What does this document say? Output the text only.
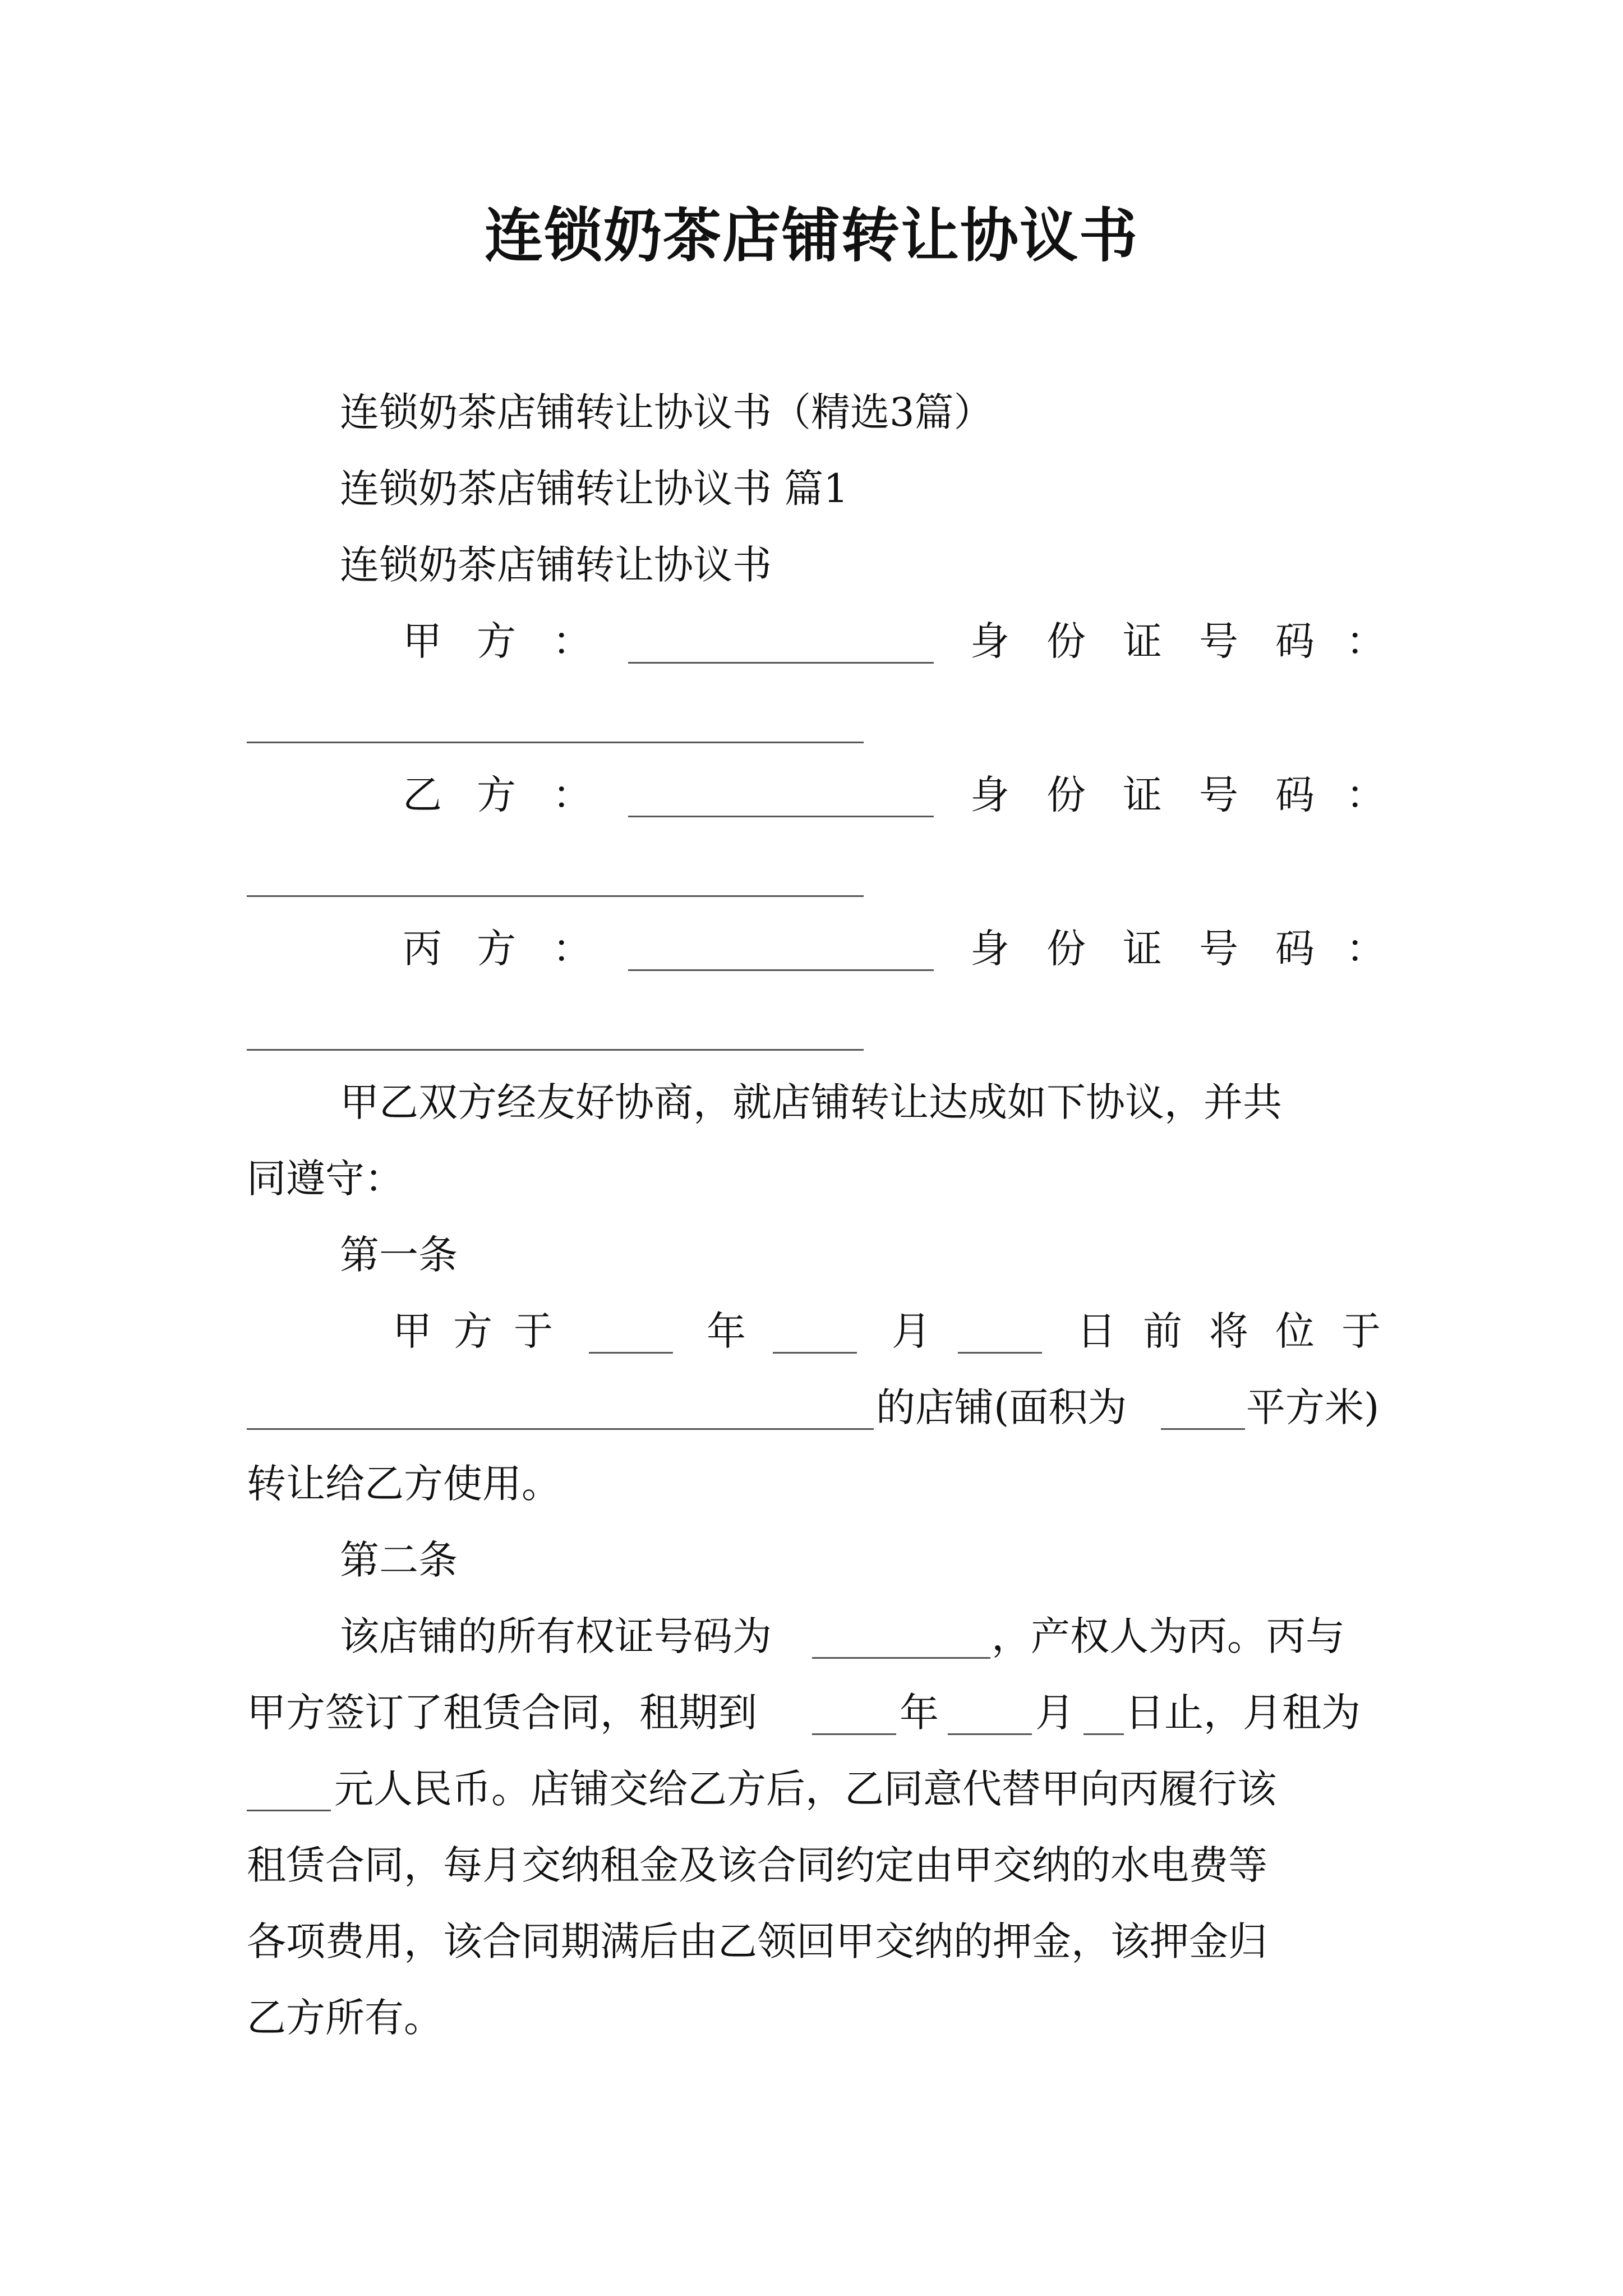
连锁奶茶店铺转让协议书
连锁奶茶店铺转让协议书（精选3篇）
连锁奶茶店铺转让协议书 篇1
连锁奶茶店铺转让协议书
甲 方 ：	身 份 证 号 码 ：
乙 方 ：	身 份 证 号 码 ：
丙 方 ：	身 份 证 号 码 ：
甲乙双方经友好协商，就店铺转让达成如下协议，并共
同遵守：
第一条
甲 方 于	年	月	日 前 将 位 于
的店铺(面积为	平方米)
转让给乙方使用。
第二条
该店铺的所有权证号码为	，产权人为丙。丙与
甲方签订了租赁合同，租期到	年 月 日止，月租为
元人民币。店铺交给乙方后，乙同意代替甲向丙履行该
租赁合同，每月交纳租金及该合同约定由甲交纳的水电费等
各项费用，该合同期满后由乙领回甲交纳的押金，该押金归
乙方所有。
